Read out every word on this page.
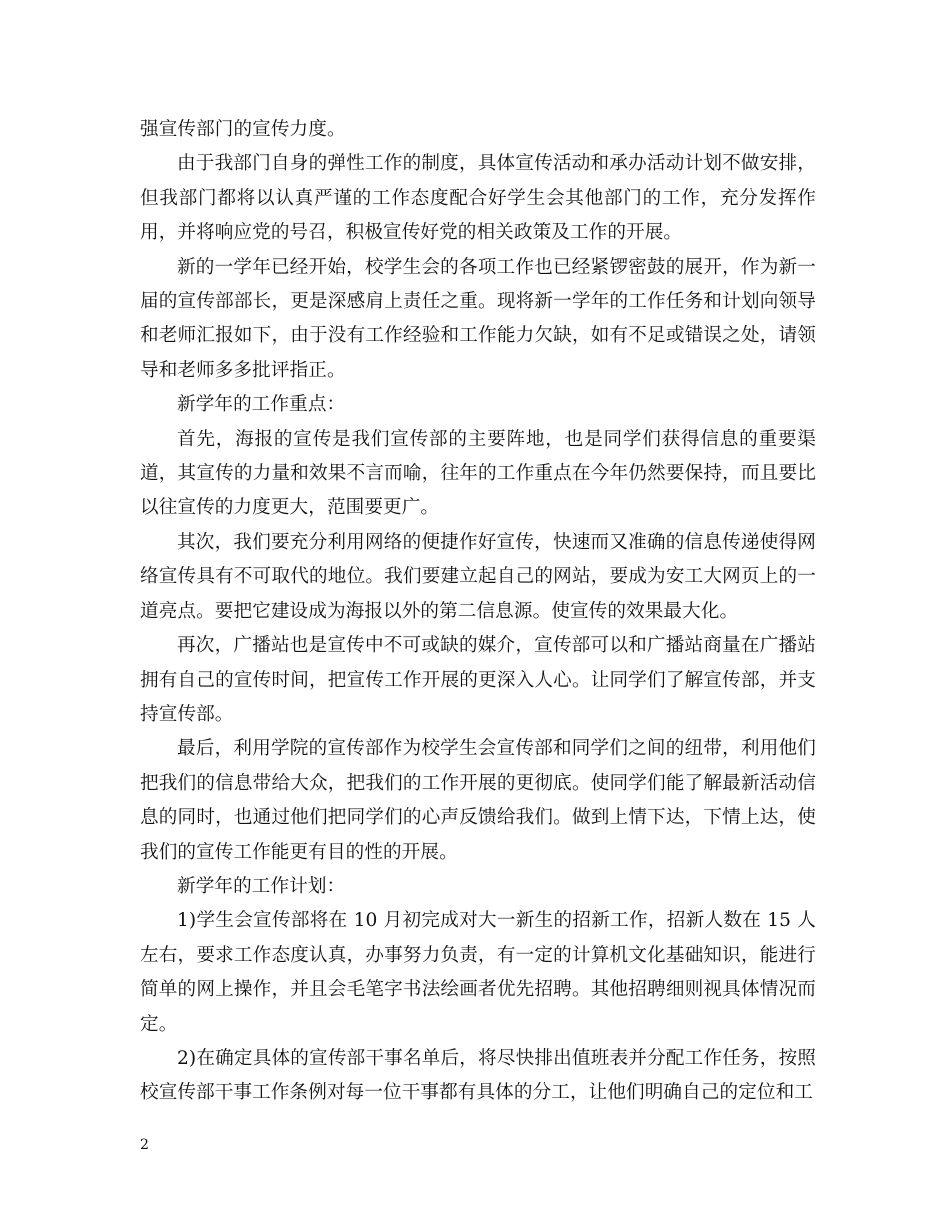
强宣传部门的宣传力度。

由于我部门自身的弹性工作的制度，具体宣传活动和承办活动计划不做安排，但我部门都将以认真严谨的工作态度配合好学生会其他部门的工作，充分发挥作用，并将响应党的号召，积极宣传好党的相关政策及工作的开展。

新的一学年已经开始，校学生会的各项工作也已经紧锣密鼓的展开，作为新一届的宣传部部长，更是深感肩上责任之重。现将新一学年的工作任务和计划向领导和老师汇报如下，由于没有工作经验和工作能力欠缺，如有不足或错误之处，请领导和老师多多批评指正。

新学年的工作重点：

首先，海报的宣传是我们宣传部的主要阵地，也是同学们获得信息的重要渠道，其宣传的力量和效果不言而喻，往年的工作重点在今年仍然要保持，而且要比以往宣传的力度更大，范围要更广。

其次，我们要充分利用网络的便捷作好宣传，快速而又准确的信息传递使得网络宣传具有不可取代的地位。我们要建立起自己的网站，要成为安工大网页上的一道亮点。要把它建设成为海报以外的第二信息源。使宣传的效果最大化。

再次，广播站也是宣传中不可或缺的媒介，宣传部可以和广播站商量在广播站拥有自己的宣传时间，把宣传工作开展的更深入人心。让同学们了解宣传部，并支持宣传部。

最后，利用学院的宣传部作为校学生会宣传部和同学们之间的纽带，利用他们把我们的信息带给大众，把我们的工作开展的更彻底。使同学们能了解最新活动信息的同时，也通过他们把同学们的心声反馈给我们。做到上情下达，下情上达，使我们的宣传工作能更有目的性的开展。

新学年的工作计划：

1)学生会宣传部将在 10 月初完成对大一新生的招新工作，招新人数在 15 人左右，要求工作态度认真，办事努力负责，有一定的计算机文化基础知识，能进行简单的网上操作，并且会毛笔字书法绘画者优先招聘。其他招聘细则视具体情况而定。

2)在确定具体的宣传部干事名单后，将尽快排出值班表并分配工作任务，按照校宣传部干事工作条例对每一位干事都有具体的分工，让他们明确自己的定位和工

2
